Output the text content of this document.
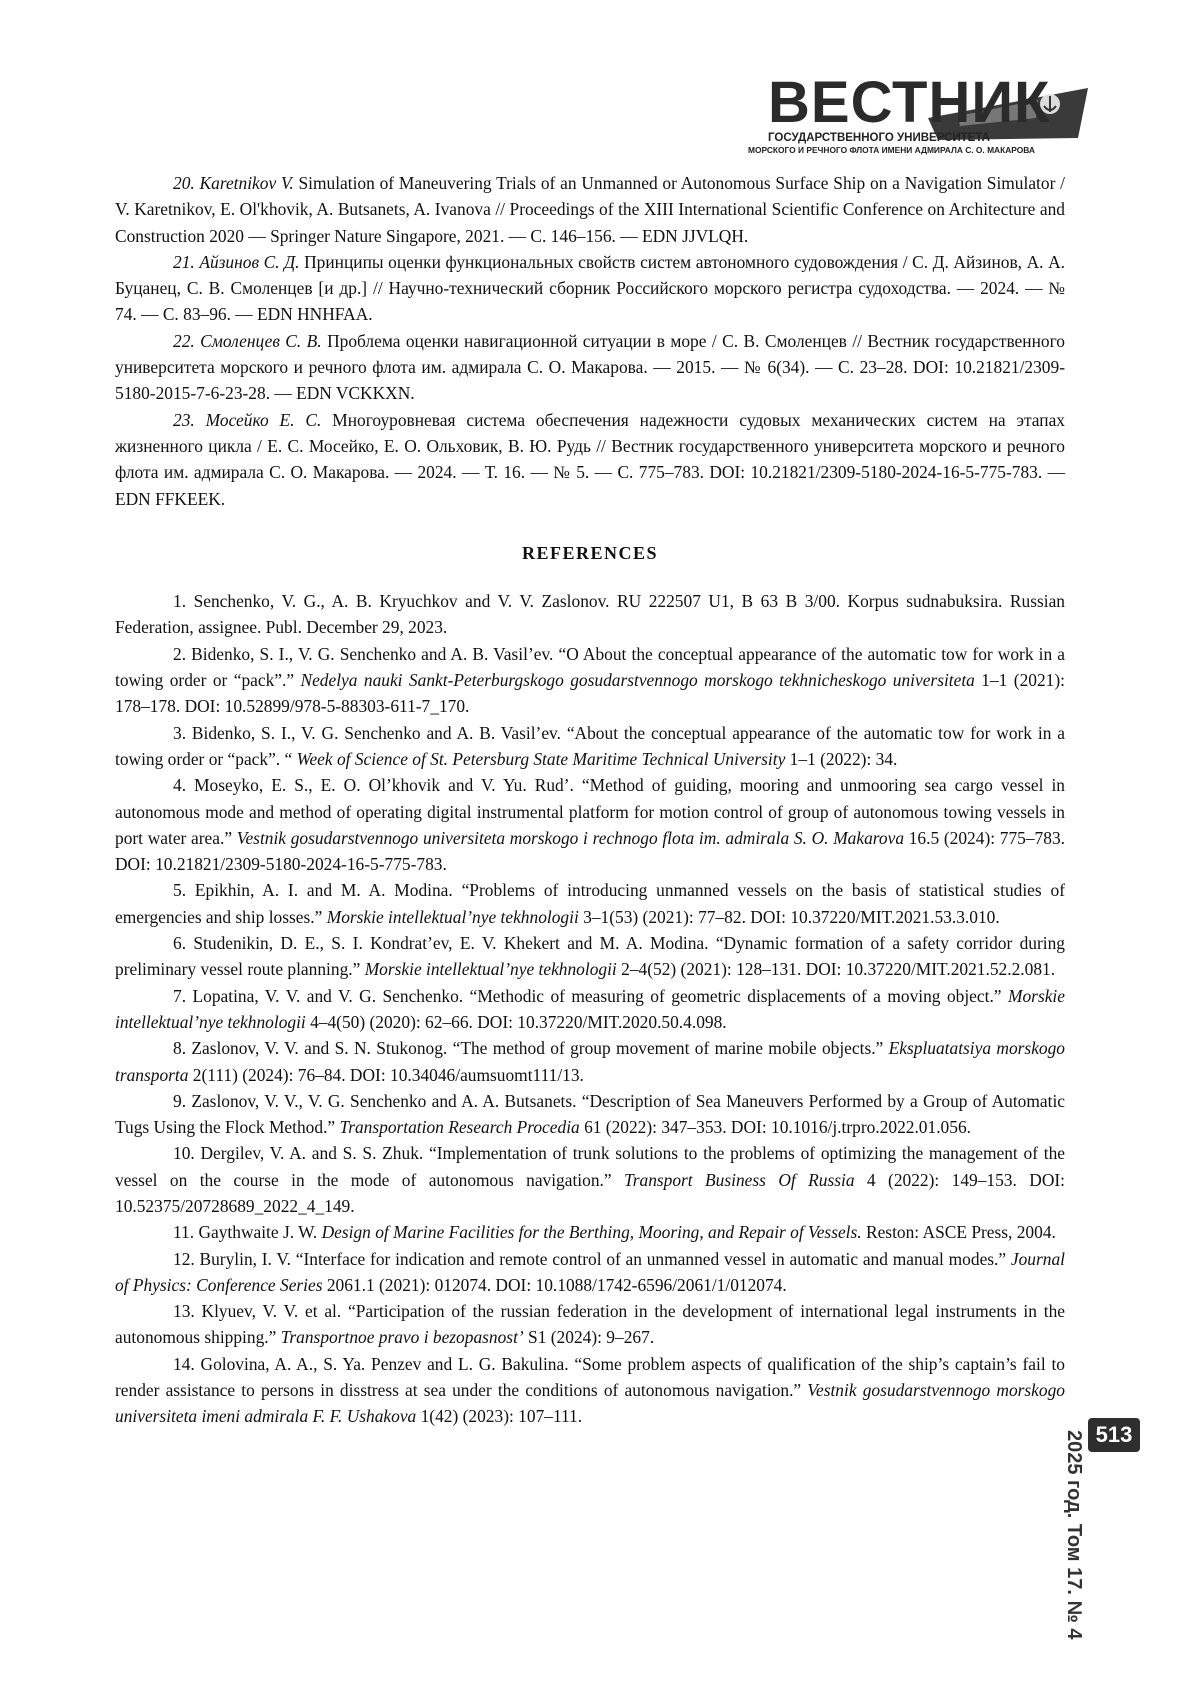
ВЕСТНИК
ГОСУДАРСТВЕННОГО УНИВЕРСИТЕТА
МОРСКОГО И РЕЧНОГО ФЛОТА ИМЕНИ АДМИРАЛА С. О. МАКАРОВА

20. Karetnikov V. Simulation of Maneuvering Trials of an Unmanned or Autonomous Surface Ship on a Navigation Simulator / V. Karetnikov, E. Ol'khovik, A. Butsanets, A. Ivanova // Proceedings of the XIII International Scientific Conference on Architecture and Construction 2020 — Springer Nature Singapore, 2021. — С. 146–156. — EDN JJVLQH.

21. Айзинов С. Д. Принципы оценки функциональных свойств систем автономного судовождения / С. Д. Айзинов, А. А. Буцанец, С. В. Смоленцев [и др.] // Научно-технический сборник Российского морского регистра судоходства. — 2024. — № 74. — С. 83–96. — EDN HNHFAA.

22. Смоленцев С. В. Проблема оценки навигационной ситуации в море / С. В. Смоленцев // Вестник государственного университета морского и речного флота им. адмирала С. О. Макарова. — 2015. — № 6(34). — С. 23–28. DOI: 10.21821/2309-5180-2015-7-6-23-28. — EDN VCKKXN.

23. Мосейко Е. С. Многоуровневая система обеспечения надежности судовых механических систем на этапах жизненного цикла / Е. С. Мосейко, Е. О. Ольховик, В. Ю. Рудь // Вестник государственного университета морского и речного флота им. адмирала С. О. Макарова. — 2024. — Т. 16. — № 5. — С. 775–783. DOI: 10.21821/2309-5180-2024-16-5-775-783. — EDN FFKEEK.

REFERENCES

1. Senchenko, V. G., A. B. Kryuchkov and V. V. Zaslonov. RU 222507 U1, B 63 B 3/00. Korpus sudnabuksira. Russian Federation, assignee. Publ. December 29, 2023.

2. Bidenko, S. I., V. G. Senchenko and A. B. Vasil’ev. “O About the conceptual appearance of the automatic tow for work in a towing order or “pack”.” Nedelya nauki Sankt-Peterburgskogo gosudarstvennogo morskogo tekhnicheskogo universiteta 1–1 (2021): 178–178. DOI: 10.52899/978-5-88303-611-7_170.

3. Bidenko, S. I., V. G. Senchenko and A. B. Vasil’ev. “About the conceptual appearance of the automatic tow for work in a towing order or “pack”. “ Week of Science of St. Petersburg State Maritime Technical University 1–1 (2022): 34.

4. Moseyko, E. S., E. O. Ol’khovik and V. Yu. Rud’. “Method of guiding, mooring and unmooring sea cargo vessel in autonomous mode and method of operating digital instrumental platform for motion control of group of autonomous towing vessels in port water area.” Vestnik gosudarstvennogo universiteta morskogo i rechnogo flota im. admirala S. O. Makarova 16.5 (2024): 775–783. DOI: 10.21821/2309-5180-2024-16-5-775-783.

5. Epikhin, A. I. and M. A. Modina. “Problems of introducing unmanned vessels on the basis of statistical studies of emergencies and ship losses.” Morskie intellektual’nye tekhnologii 3–1(53) (2021): 77–82. DOI: 10.37220/MIT.2021.53.3.010.

6. Studenikin, D. E., S. I. Kondrat’ev, E. V. Khekert and M. A. Modina. “Dynamic formation of a safety corridor during preliminary vessel route planning.” Morskie intellektual’nye tekhnologii 2–4(52) (2021): 128–131. DOI: 10.37220/MIT.2021.52.2.081.

7. Lopatina, V. V. and V. G. Senchenko. “Methodic of measuring of geometric displacements of a moving object.” Morskie intellektual’nye tekhnologii 4–4(50) (2020): 62–66. DOI: 10.37220/MIT.2020.50.4.098.

8. Zaslonov, V. V. and S. N. Stukonog. “The method of group movement of marine mobile objects.” Ekspluatatsiya morskogo transporta 2(111) (2024): 76–84. DOI: 10.34046/aumsuomt111/13.

9. Zaslonov, V. V., V. G. Senchenko and A. A. Butsanets. “Description of Sea Maneuvers Performed by a Group of Automatic Tugs Using the Flock Method.” Transportation Research Procedia 61 (2022): 347–353. DOI: 10.1016/j.trpro.2022.01.056.

10. Dergilev, V. A. and S. S. Zhuk. “Implementation of trunk solutions to the problems of optimizing the management of the vessel on the course in the mode of autonomous navigation.” Transport Business Of Russia 4 (2022): 149–153. DOI: 10.52375/20728689_2022_4_149.

11. Gaythwaite J. W. Design of Marine Facilities for the Berthing, Mooring, and Repair of Vessels. Reston: ASCE Press, 2004.

12. Burylin, I. V. “Interface for indication and remote control of an unmanned vessel in automatic and manual modes.” Journal of Physics: Conference Series 2061.1 (2021): 012074. DOI: 10.1088/1742-6596/2061/1/012074.

13. Klyuev, V. V. et al. “Participation of the russian federation in the development of international legal instruments in the autonomous shipping.” Transportnoe pravo i bezopasnost’ S1 (2024): 9–267.

14. Golovina, A. A., S. Ya. Penzev and L. G. Bakulina. “Some problem aspects of qualification of the ship’s captain’s fail to render assistance to persons in disstress at sea under the conditions of autonomous navigation.” Vestnik gosudarstvennogo morskogo universiteta imeni admirala F. F. Ushakova 1(42) (2023): 107–111.

2025 год. Том 17. № 4 513
